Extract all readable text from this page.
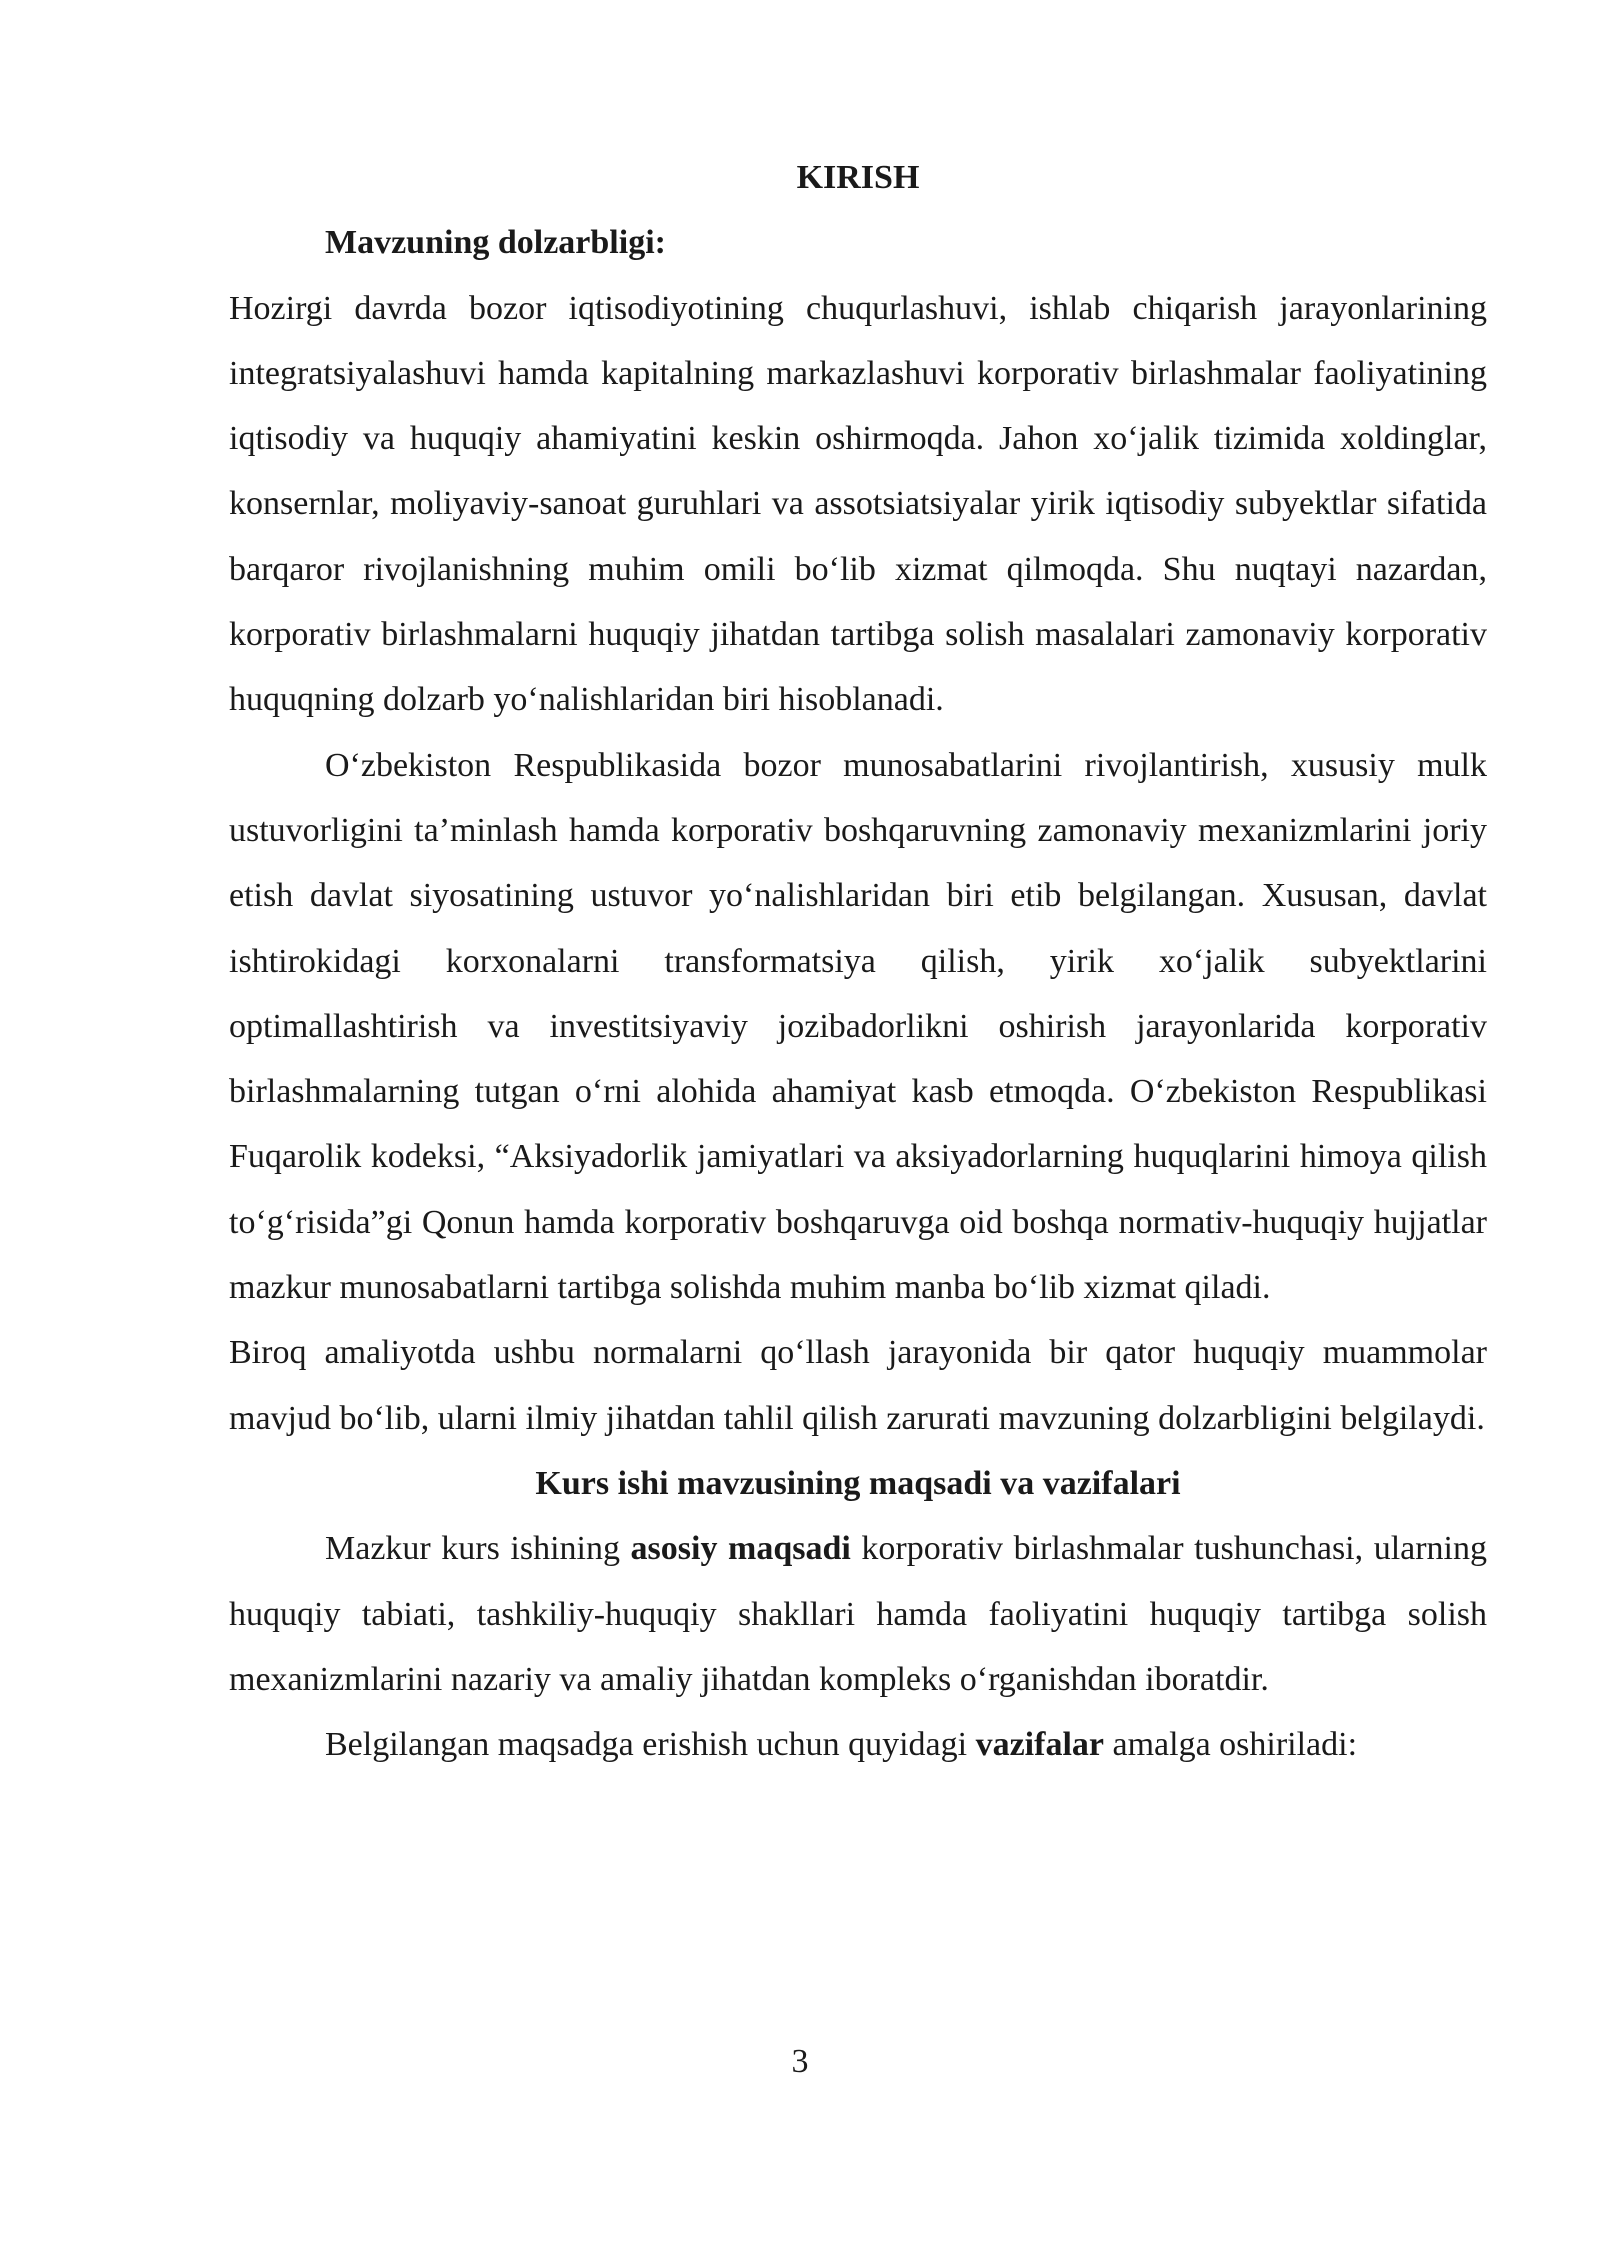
KIRISH
Mavzuning dolzarbligi:

Hozirgi davrda bozor iqtisodiyotining chuqurlashuvi, ishlab chiqarish jarayonlarining integratsiyalashuvi hamda kapitalning markazlashuvi korporativ birlashmalar faoliyatining iqtisodiy va huquqiy ahamiyatini keskin oshirmoqda. Jahon xo‘jalik tizimida xoldinglar, konsernlar, moliyaviy-sanoat guruhlari va assotsiatsiyalar yirik iqtisodiy subyektlar sifatida barqaror rivojlanishning muhim omili bo‘lib xizmat qilmoqda. Shu nuqtayi nazardan, korporativ birlashmalarni huquqiy jihatdan tartibga solish masalalari zamonaviy korporativ huquqning dolzarb yo‘nalishlaridan biri hisoblanadi.

O‘zbekiston Respublikasida bozor munosabatlarini rivojlantirish, xususiy mulk ustuvorligini ta’minlash hamda korporativ boshqaruvning zamonaviy mexanizmlarini joriy etish davlat siyosatining ustuvor yo‘nalishlaridan biri etib belgilangan. Xususan, davlat ishtirokidagi korxonalarni transformatsiya qilish, yirik xo‘jalik subyektlarini optimallashtirish va investitsiyaviy jozibadorlikni oshirish jarayonlarida korporativ birlashmalarning tutgan o‘rni alohida ahamiyat kasb etmoqda. O‘zbekiston Respublikasi Fuqarolik kodeksi, “Aksiyadorlik jamiyatlari va aksiyadorlarning huquqlarini himoya qilish to‘g‘risida”gi Qonun hamda korporativ boshqaruvga oid boshqa normativ-huquqiy hujjatlar mazkur munosabatlarni tartibga solishda muhim manba bo‘lib xizmat qiladi.

Biroq amaliyotda ushbu normalarni qo‘llash jarayonida bir qator huquqiy muammolar mavjud bo‘lib, ularni ilmiy jihatdan tahlil qilish zarurati mavzuning dolzarbligini belgilaydi.

Kurs ishi mavzusining maqsadi va vazifalari

Mazkur kurs ishining asosiy maqsadi korporativ birlashmalar tushunchasi, ularning huquqiy tabiati, tashkiliy-huquqiy shakllari hamda faoliyatini huquqiy tartibga solish mexanizmlarini nazariy va amaliy jihatdan kompleks o‘rganishdan iboratdir.

Belgilangan maqsadga erishish uchun quyidagi vazifalar amalga oshiriladi:

3
